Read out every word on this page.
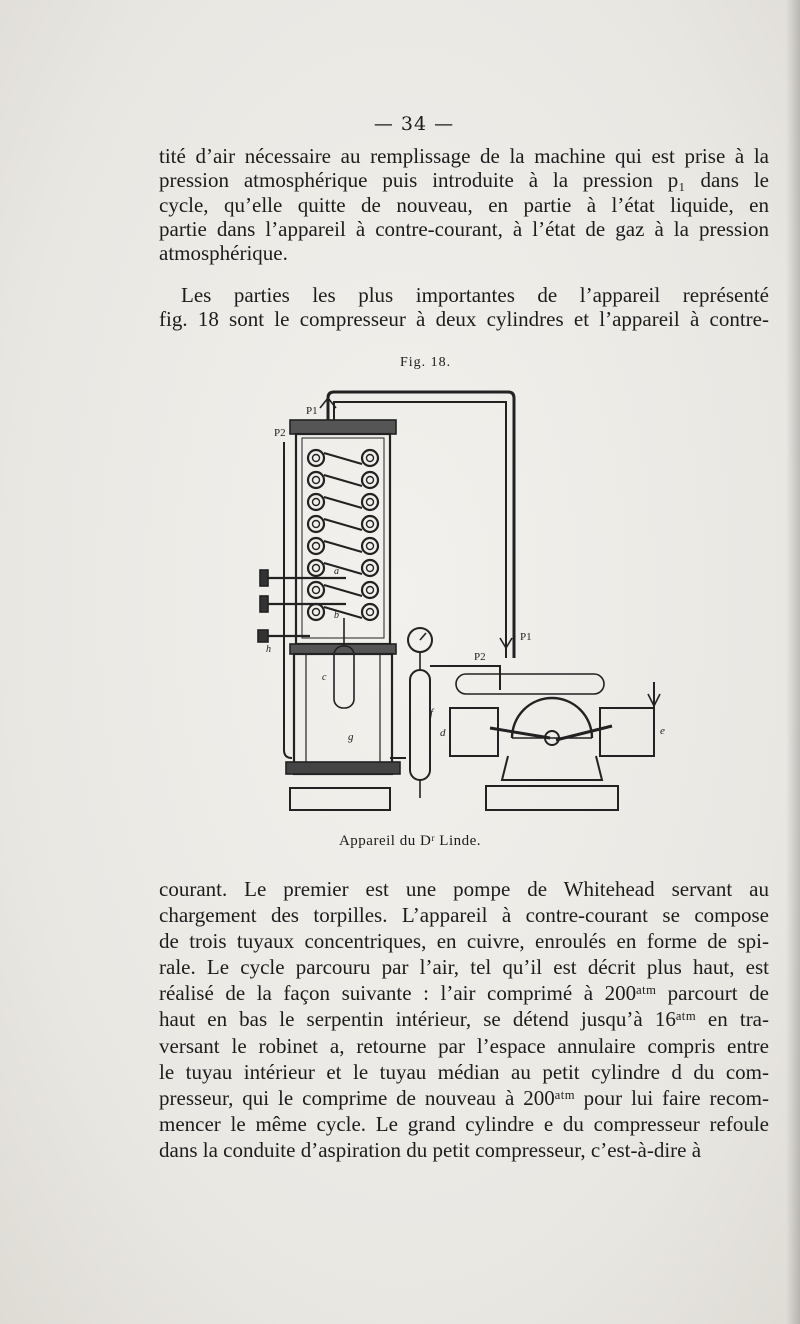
— 34 —
tité d’air nécessaire au remplissage de la machine qui est prise à la
pression atmosphérique puis introduite à la pression p₁ dans le
cycle, qu’elle quitte de nouveau, en partie à l’état liquide, en
partie dans l’appareil à contre-courant, à l’état de gaz à la pression
atmosphérique.
Les parties les plus importantes de l’appareil représenté
fig. 18 sont le compresseur à deux cylindres et l’appareil à contre-
Fig. 18.
P1
P2
P1
P2
a
b
h
c
g
f
d	e
Appareil du Dʳ Linde.
courant. Le premier est une pompe de Whitehead servant au
chargement des torpilles. L’appareil à contre-courant se compose
de trois tuyaux concentriques, en cuivre, enroulés en forme de spi-
rale. Le cycle parcouru par l’air, tel qu’il est décrit plus haut, est
réalisé de la façon suivante : l’air comprimé à 200ᵃᵗᵐ parcourt de
haut en bas le serpentin intérieur, se détend jusqu’à 16ᵃᵗᵐ en tra-
versant le robinet a, retourne par l’espace annulaire compris entre
le tuyau intérieur et le tuyau médian au petit cylindre d du com-
presseur, qui le comprime de nouveau à 200ᵃᵗᵐ pour lui faire recom-
mencer le même cycle. Le grand cylindre e du compresseur refoule
dans la conduite d’aspiration du petit compresseur, c’est-à-dire à
